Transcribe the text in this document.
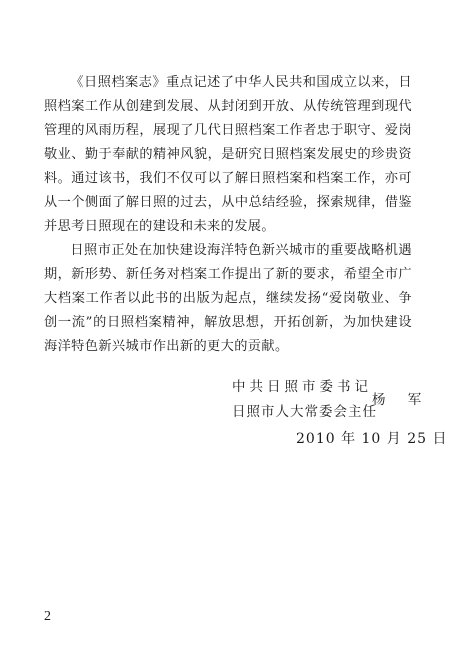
《日照档案志》重点记述了中华人民共和国成立以来，日照档案工作从创建到发展、从封闭到开放、从传统管理到现代管理的风雨历程，展现了几代日照档案工作者忠于职守、爱岗敬业、勤于奉献的精神风貌，是研究日照档案发展史的珍贵资料。通过该书，我们不仅可以了解日照档案和档案工作，亦可从一个侧面了解日照的过去，从中总结经验，探索规律，借鉴并思考日照现在的建设和未来的发展。

日照市正处在加快建设海洋特色新兴城市的重要战略机遇期，新形势、新任务对档案工作提出了新的要求，希望全市广大档案工作者以此书的出版为起点，继续发扬“爱岗敬业、争创一流”的日照档案精神，解放思想，开拓创新，为加快建设海洋特色新兴城市作出新的更大的贡献。

中共日照市委书记
日照市人大常委会主任
杨 军
2010 年 10 月 25 日
2
